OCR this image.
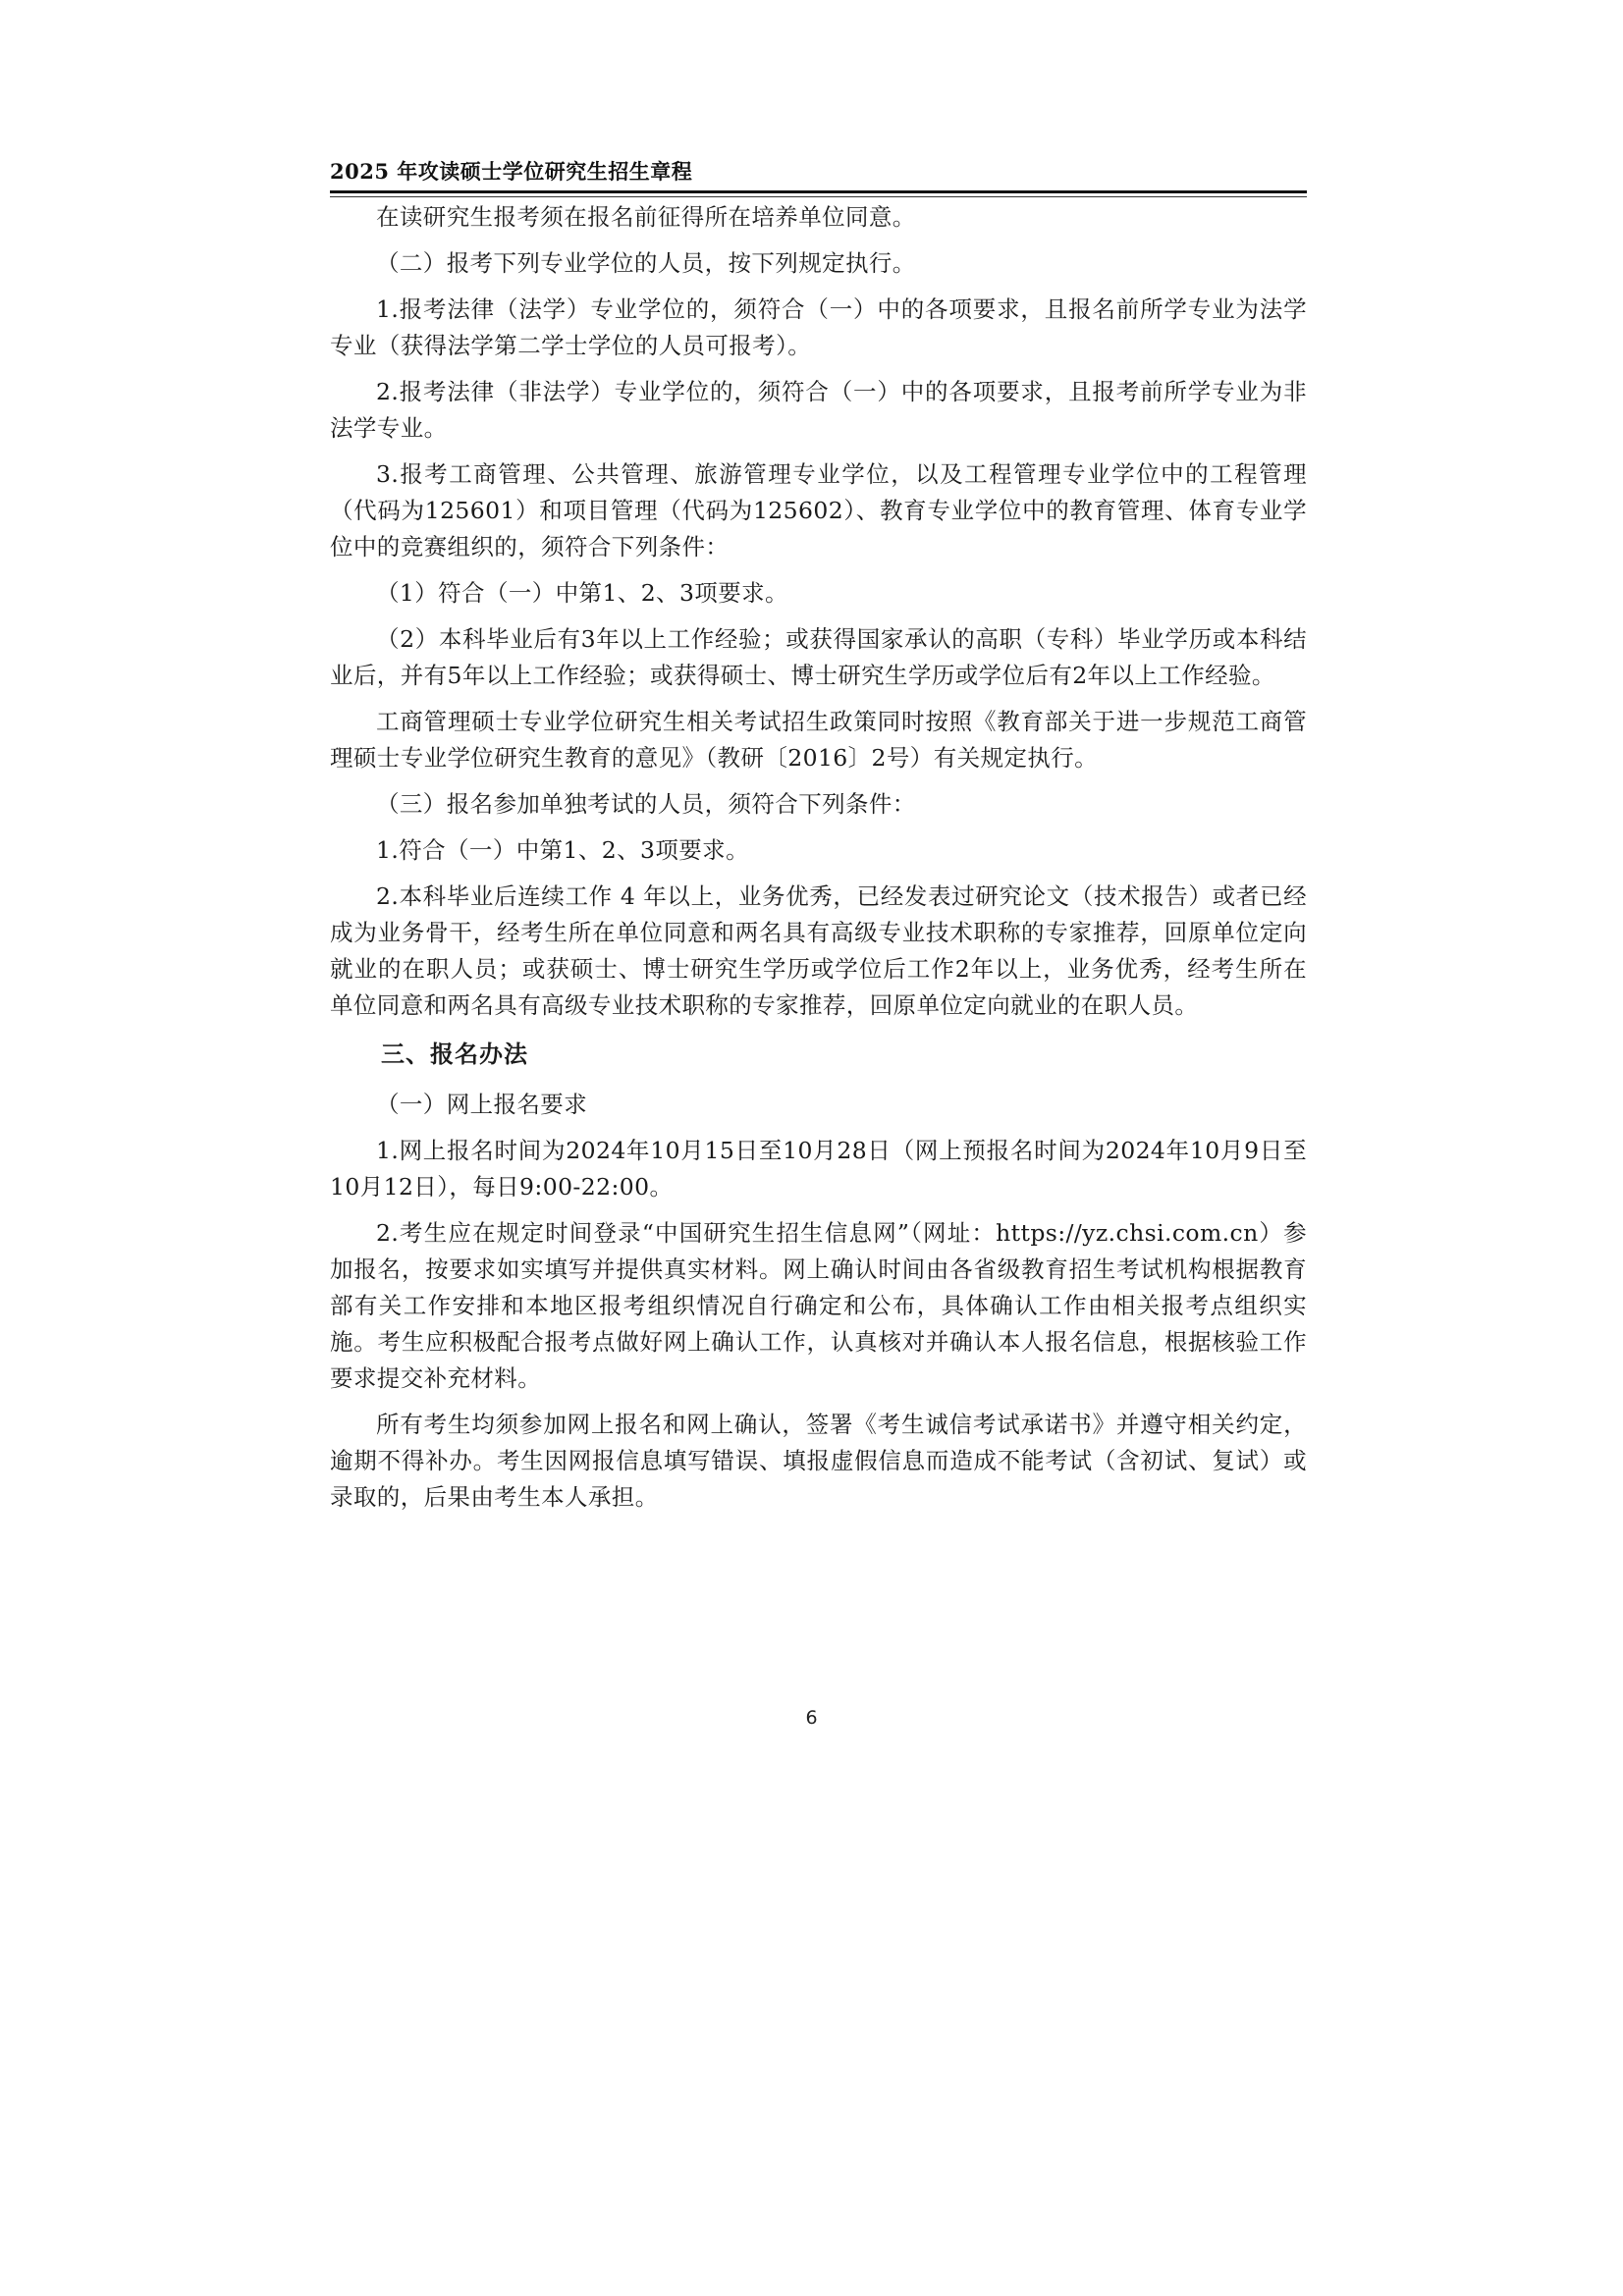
2025 年攻读硕士学位研究生招生章程

在读研究生报考须在报名前征得所在培养单位同意。

（二）报考下列专业学位的人员，按下列规定执行。

1.报考法律（法学）专业学位的，须符合（一）中的各项要求，且报名前所学专业为法学专业（获得法学第二学士学位的人员可报考）。

2.报考法律（非法学）专业学位的，须符合（一）中的各项要求，且报考前所学专业为非法学专业。

3.报考工商管理、公共管理、旅游管理专业学位，以及工程管理专业学位中的工程管理（代码为125601）和项目管理（代码为125602）、教育专业学位中的教育管理、体育专业学位中的竞赛组织的，须符合下列条件：

（1）符合（一）中第1、2、3项要求。

（2）本科毕业后有3年以上工作经验；或获得国家承认的高职（专科）毕业学历或本科结业后，并有5年以上工作经验；或获得硕士、博士研究生学历或学位后有2年以上工作经验。

工商管理硕士专业学位研究生相关考试招生政策同时按照《教育部关于进一步规范工商管理硕士专业学位研究生教育的意见》（教研〔2016〕2号）有关规定执行。

（三）报名参加单独考试的人员，须符合下列条件：

1.符合（一）中第1、2、3项要求。

2.本科毕业后连续工作 4 年以上，业务优秀，已经发表过研究论文（技术报告）或者已经成为业务骨干，经考生所在单位同意和两名具有高级专业技术职称的专家推荐，回原单位定向就业的在职人员；或获硕士、博士研究生学历或学位后工作2年以上，业务优秀，经考生所在单位同意和两名具有高级专业技术职称的专家推荐，回原单位定向就业的在职人员。

三、报名办法

（一）网上报名要求

1.网上报名时间为2024年10月15日至10月28日（网上预报名时间为2024年10月9日至10月12日），每日9:00-22:00。

2.考生应在规定时间登录“中国研究生招生信息网”（网址：https://yz.chsi.com.cn）参加报名，按要求如实填写并提供真实材料。网上确认时间由各省级教育招生考试机构根据教育部有关工作安排和本地区报考组织情况自行确定和公布，具体确认工作由相关报考点组织实施。考生应积极配合报考点做好网上确认工作，认真核对并确认本人报名信息，根据核验工作要求提交补充材料。

所有考生均须参加网上报名和网上确认，签署《考生诚信考试承诺书》并遵守相关约定，逾期不得补办。考生因网报信息填写错误、填报虚假信息而造成不能考试（含初试、复试）或录取的，后果由考生本人承担。

6
